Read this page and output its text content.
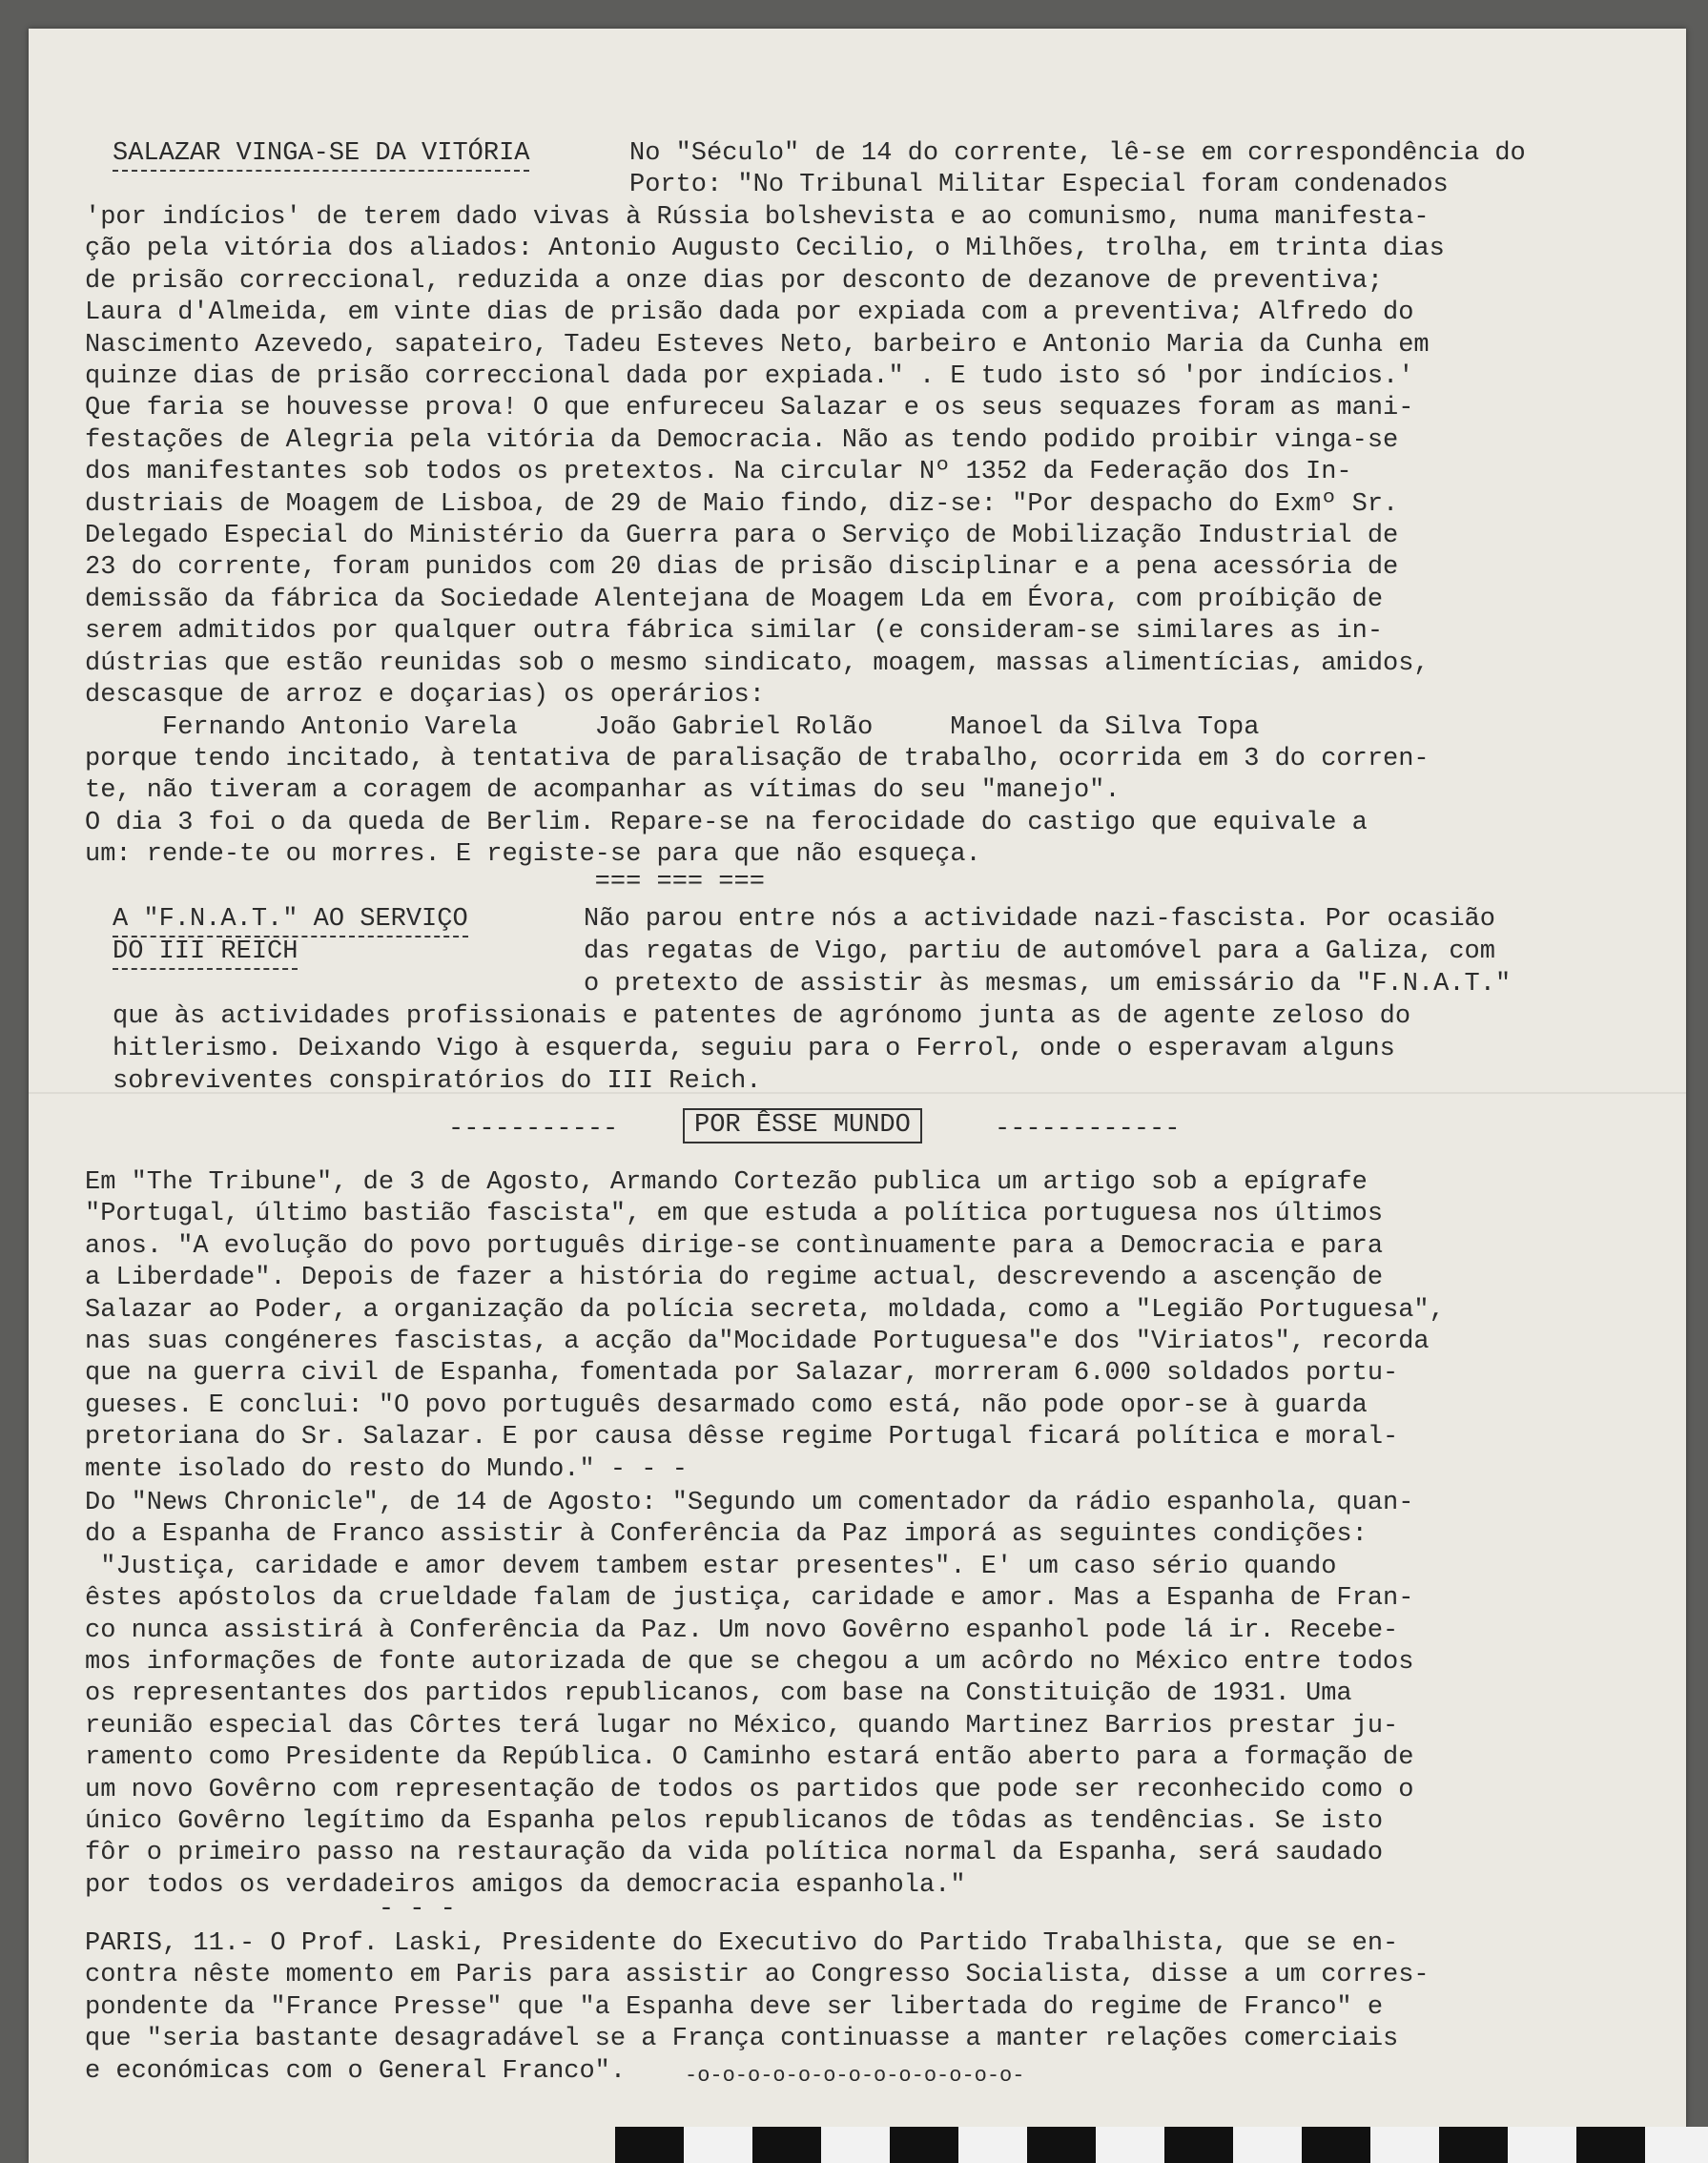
SALAZAR VINGA-SE DA VITÓRIA	No "Século" de 14 do corrente, lê-se em correspondência do
Porto: "No Tribunal Militar Especial foram condenados

'por indícios' de terem dado vivas à Rússia bolshevista e ao comunismo, numa manifesta-

ção pela vitória dos aliados: Antonio Augusto Cecilio, o Milhões, trolha, em trinta dias

de prisão correccional, reduzida a onze dias por desconto de dezanove de preventiva;

Laura d'Almeida, em vinte dias de prisão dada por expiada com a preventiva; Alfredo do

Nascimento Azevedo, sapateiro, Tadeu Esteves Neto, barbeiro e Antonio Maria da Cunha em

quinze dias de prisão correccional dada por expiada." . E tudo isto só 'por indícios.'

Que faria se houvesse prova! O que enfureceu Salazar e os seus sequazes foram as mani-

festações de Alegria pela vitória da Democracia. Não as tendo podido proibir vinga-se

dos manifestantes sob todos os pretextos. Na circular Nº 1352 da Federação dos In-

dustriais de Moagem de Lisboa, de 29 de Maio findo, diz-se: "Por despacho do Exmº Sr.

Delegado Especial do Ministério da Guerra para o Serviço de Mobilização Industrial de

23 do corrente, foram punidos com 20 dias de prisão disciplinar e a pena acessória de

demissão da fábrica da Sociedade Alentejana de Moagem Lda em Évora, com proíbição de

serem admitidos por qualquer outra fábrica similar (e consideram-se similares as in-

dústrias que estão reunidas sob o mesmo sindicato, moagem, massas alimentícias, amidos,

descasque de arroz e doçarias) os operários:

Fernando Antonio Varela     João Gabriel Rolão     Manoel da Silva Topa

porque tendo incitado, à tentativa de paralisação de trabalho, ocorrida em 3 do corren-

te, não tiveram a coragem de acompanhar as vítimas do seu "manejo".

O dia 3 foi o da queda de Berlim. Repare-se na ferocidade do castigo que equivale a

um: rende-te ou morres. E registe-se para que não esqueça.

=== === ===

A "F.N.A.T." AO SERVIÇO
DO III REICH
Não parou entre nós a actividade nazi-fascista. Por ocasião
das regatas de Vigo, partiu de automóvel para a Galiza, com
o pretexto de assistir às mesmas, um emissário da "F.N.A.T."
que às actividades profissionais e patentes de agrónomo junta as de agente zeloso do
hitlerismo. Deixando Vigo à esquerda, seguiu para o Ferrol, onde o esperavam alguns
sobreviventes conspiratórios do III Reich.
-----------	POR ÊSSE MUNDO	------------

Em "The Tribune", de 3 de Agosto, Armando Cortezão publica um artigo sob a epígrafe

"Portugal, último bastião fascista", em que estuda a política portuguesa nos últimos

anos. "A evolução do povo português dirige-se contìnuamente para a Democracia e para

a Liberdade". Depois de fazer a história do regime actual, descrevendo a ascenção de

Salazar ao Poder, a organização da polícia secreta, moldada, como a "Legião Portuguesa",

nas suas congéneres fascistas, a acção da"Mocidade Portuguesa"e dos "Viriatos", recorda

que na guerra civil de Espanha, fomentada por Salazar, morreram 6.000 soldados portu-

gueses. E conclui: "O povo português desarmado como está, não pode opor-se à guarda

pretoriana do Sr. Salazar. E por causa dêsse regime Portugal ficará política e moral-

mente isolado do resto do Mundo." - - -

Do "News Chronicle", de 14 de Agosto: "Segundo um comentador da rádio espanhola, quan-

do a Espanha de Franco assistir à Conferência da Paz imporá as seguintes condições:

"Justiça, caridade e amor devem tambem estar presentes". E' um caso sério quando

êstes apóstolos da crueldade falam de justiça, caridade e amor. Mas a Espanha de Fran-

co nunca assistirá à Conferência da Paz. Um novo Govêrno espanhol pode lá ir. Recebe-

mos informações de fonte autorizada de que se chegou a um acôrdo no México entre todos

os representantes dos partidos republicanos, com base na Constituição de 1931. Uma

reunião especial das Côrtes terá lugar no México, quando Martinez Barrios prestar ju-

ramento como Presidente da República. O Caminho estará então aberto para a formação de

um novo Govêrno com representação de todos os partidos que pode ser reconhecido como o

único Govêrno legítimo da Espanha pelos republicanos de tôdas as tendências. Se isto

fôr o primeiro passo na restauração da vida política normal da Espanha, será saudado

por todos os verdadeiros amigos da democracia espanhola."

- - -

PARIS, 11.- O Prof. Laski, Presidente do Executivo do Partido Trabalhista, que se en-

contra nêste momento em Paris para assistir ao Congresso Socialista, disse a um corres-

pondente da "France Presse" que "a Espanha deve ser libertada do regime de Franco" e

que "seria bastante desagradável se a França continuasse a manter relações comerciais

e económicas com o General Franco".	-o-o-o-o-o-o-o-o-o-o-o-o-o-
